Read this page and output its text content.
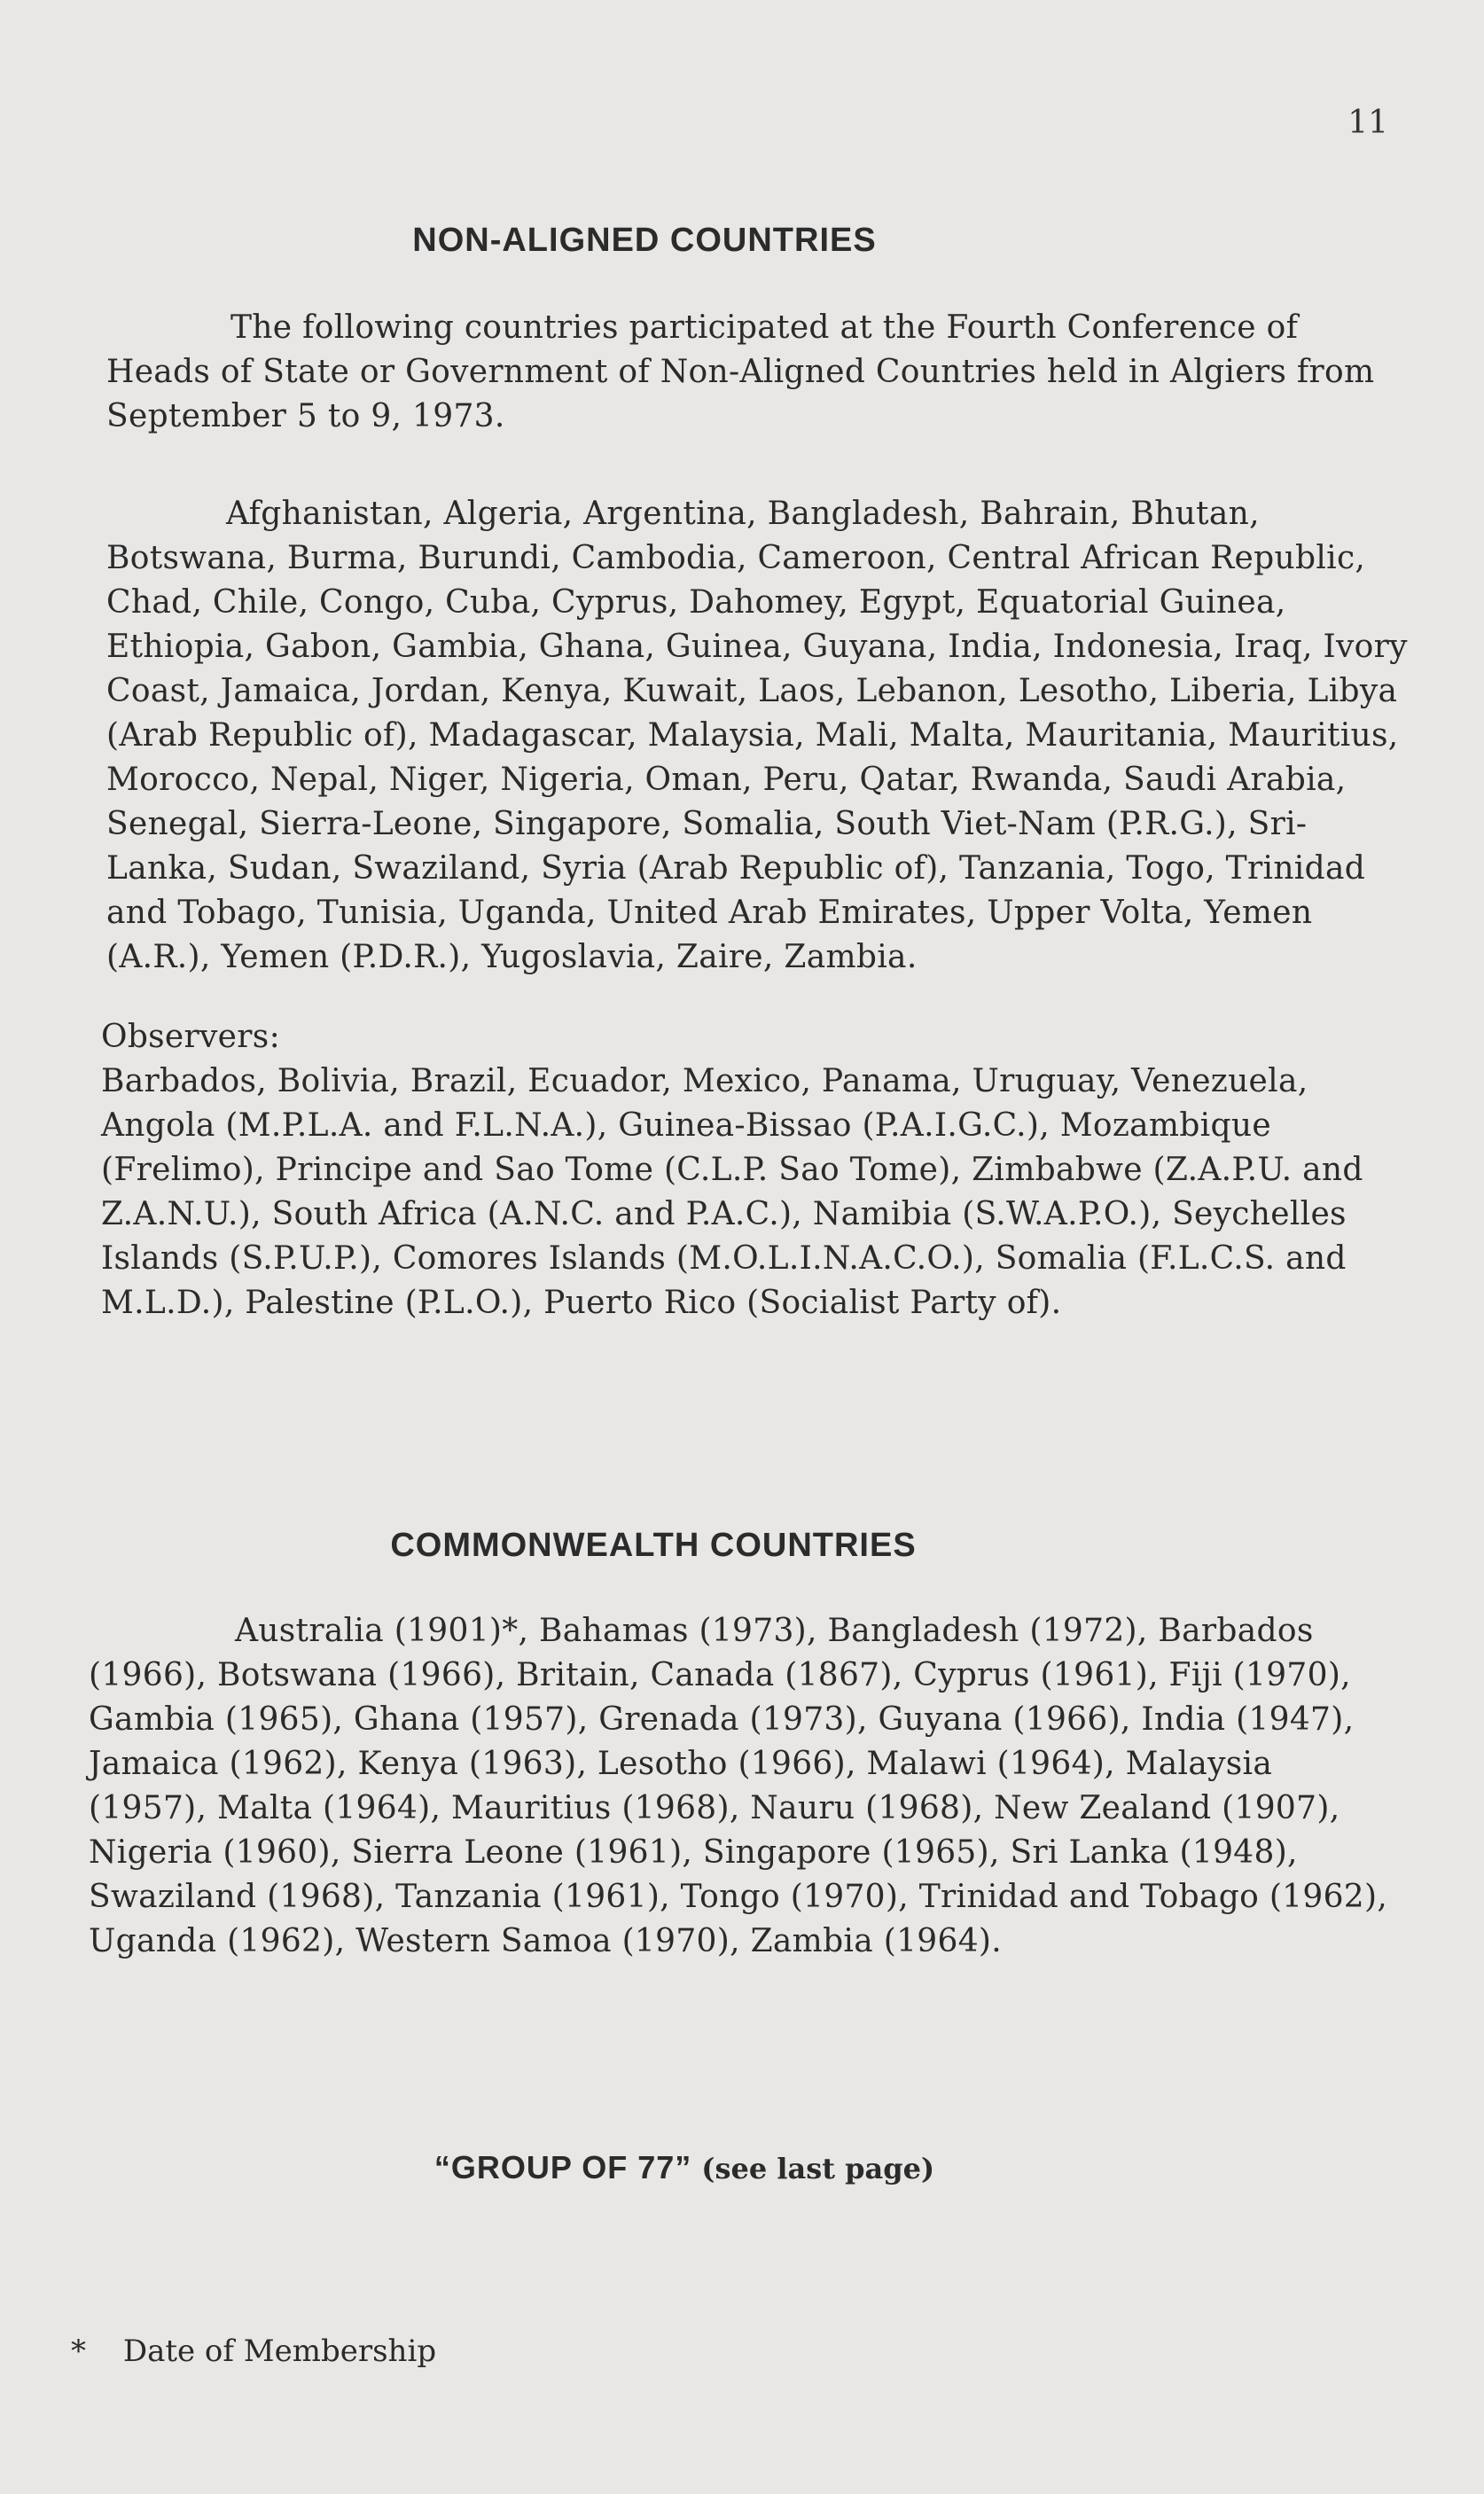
11
NON-ALIGNED COUNTRIES
The following countries participated at the Fourth Conference of Heads of State or Government of Non-Aligned Countries held in Algiers from September 5 to 9, 1973.
Afghanistan, Algeria, Argentina, Bangladesh, Bahrain, Bhutan, Botswana, Burma, Burundi, Cambodia, Cameroon, Central African Republic, Chad, Chile, Congo, Cuba, Cyprus, Dahomey, Egypt, Equatorial Guinea, Ethiopia, Gabon, Gambia, Ghana, Guinea, Guyana, India, Indonesia, Iraq, Ivory Coast, Jamaica, Jordan, Kenya, Kuwait, Laos, Lebanon, Lesotho, Liberia, Libya (Arab Republic of), Madagascar, Malaysia, Mali, Malta, Mauritania, Mauritius, Morocco, Nepal, Niger, Nigeria, Oman, Peru, Qatar, Rwanda, Saudi Arabia, Senegal, Sierra-Leone, Singapore, Somalia, South Viet-Nam (P.R.G.), Sri-Lanka, Sudan, Swaziland, Syria (Arab Republic of), Tanzania, Togo, Trinidad and Tobago, Tunisia, Uganda, United Arab Emirates, Upper Volta, Yemen (A.R.), Yemen (P.D.R.), Yugoslavia, Zaire, Zambia.
Observers:
Barbados, Bolivia, Brazil, Ecuador, Mexico, Panama, Uruguay, Venezuela, Angola (M.P.L.A. and F.L.N.A.), Guinea-Bissao (P.A.I.G.C.), Mozambique (Frelimo), Principe and Sao Tome (C.L.P. Sao Tome), Zimbabwe (Z.A.P.U. and Z.A.N.U.), South Africa (A.N.C. and P.A.C.), Namibia (S.W.A.P.O.), Seychelles Islands (S.P.U.P.), Comores Islands (M.O.L.I.N.A.C.O.), Somalia (F.L.C.S. and M.L.D.), Palestine (P.L.O.), Puerto Rico (Socialist Party of).
COMMONWEALTH COUNTRIES
Australia (1901)*, Bahamas (1973), Bangladesh (1972), Barbados (1966), Botswana (1966), Britain, Canada (1867), Cyprus (1961), Fiji (1970), Gambia (1965), Ghana (1957), Grenada (1973), Guyana (1966), India (1947), Jamaica (1962), Kenya (1963), Lesotho (1966), Malawi (1964), Malaysia (1957), Malta (1964), Mauritius (1968), Nauru (1968), New Zealand (1907), Nigeria (1960), Sierra Leone (1961), Singapore (1965), Sri Lanka (1948), Swaziland (1968), Tanzania (1961), Tongo (1970), Trinidad and Tobago (1962), Uganda (1962), Western Samoa (1970), Zambia (1964).
“GROUP OF 77” (see last page)
* Date of Membership
